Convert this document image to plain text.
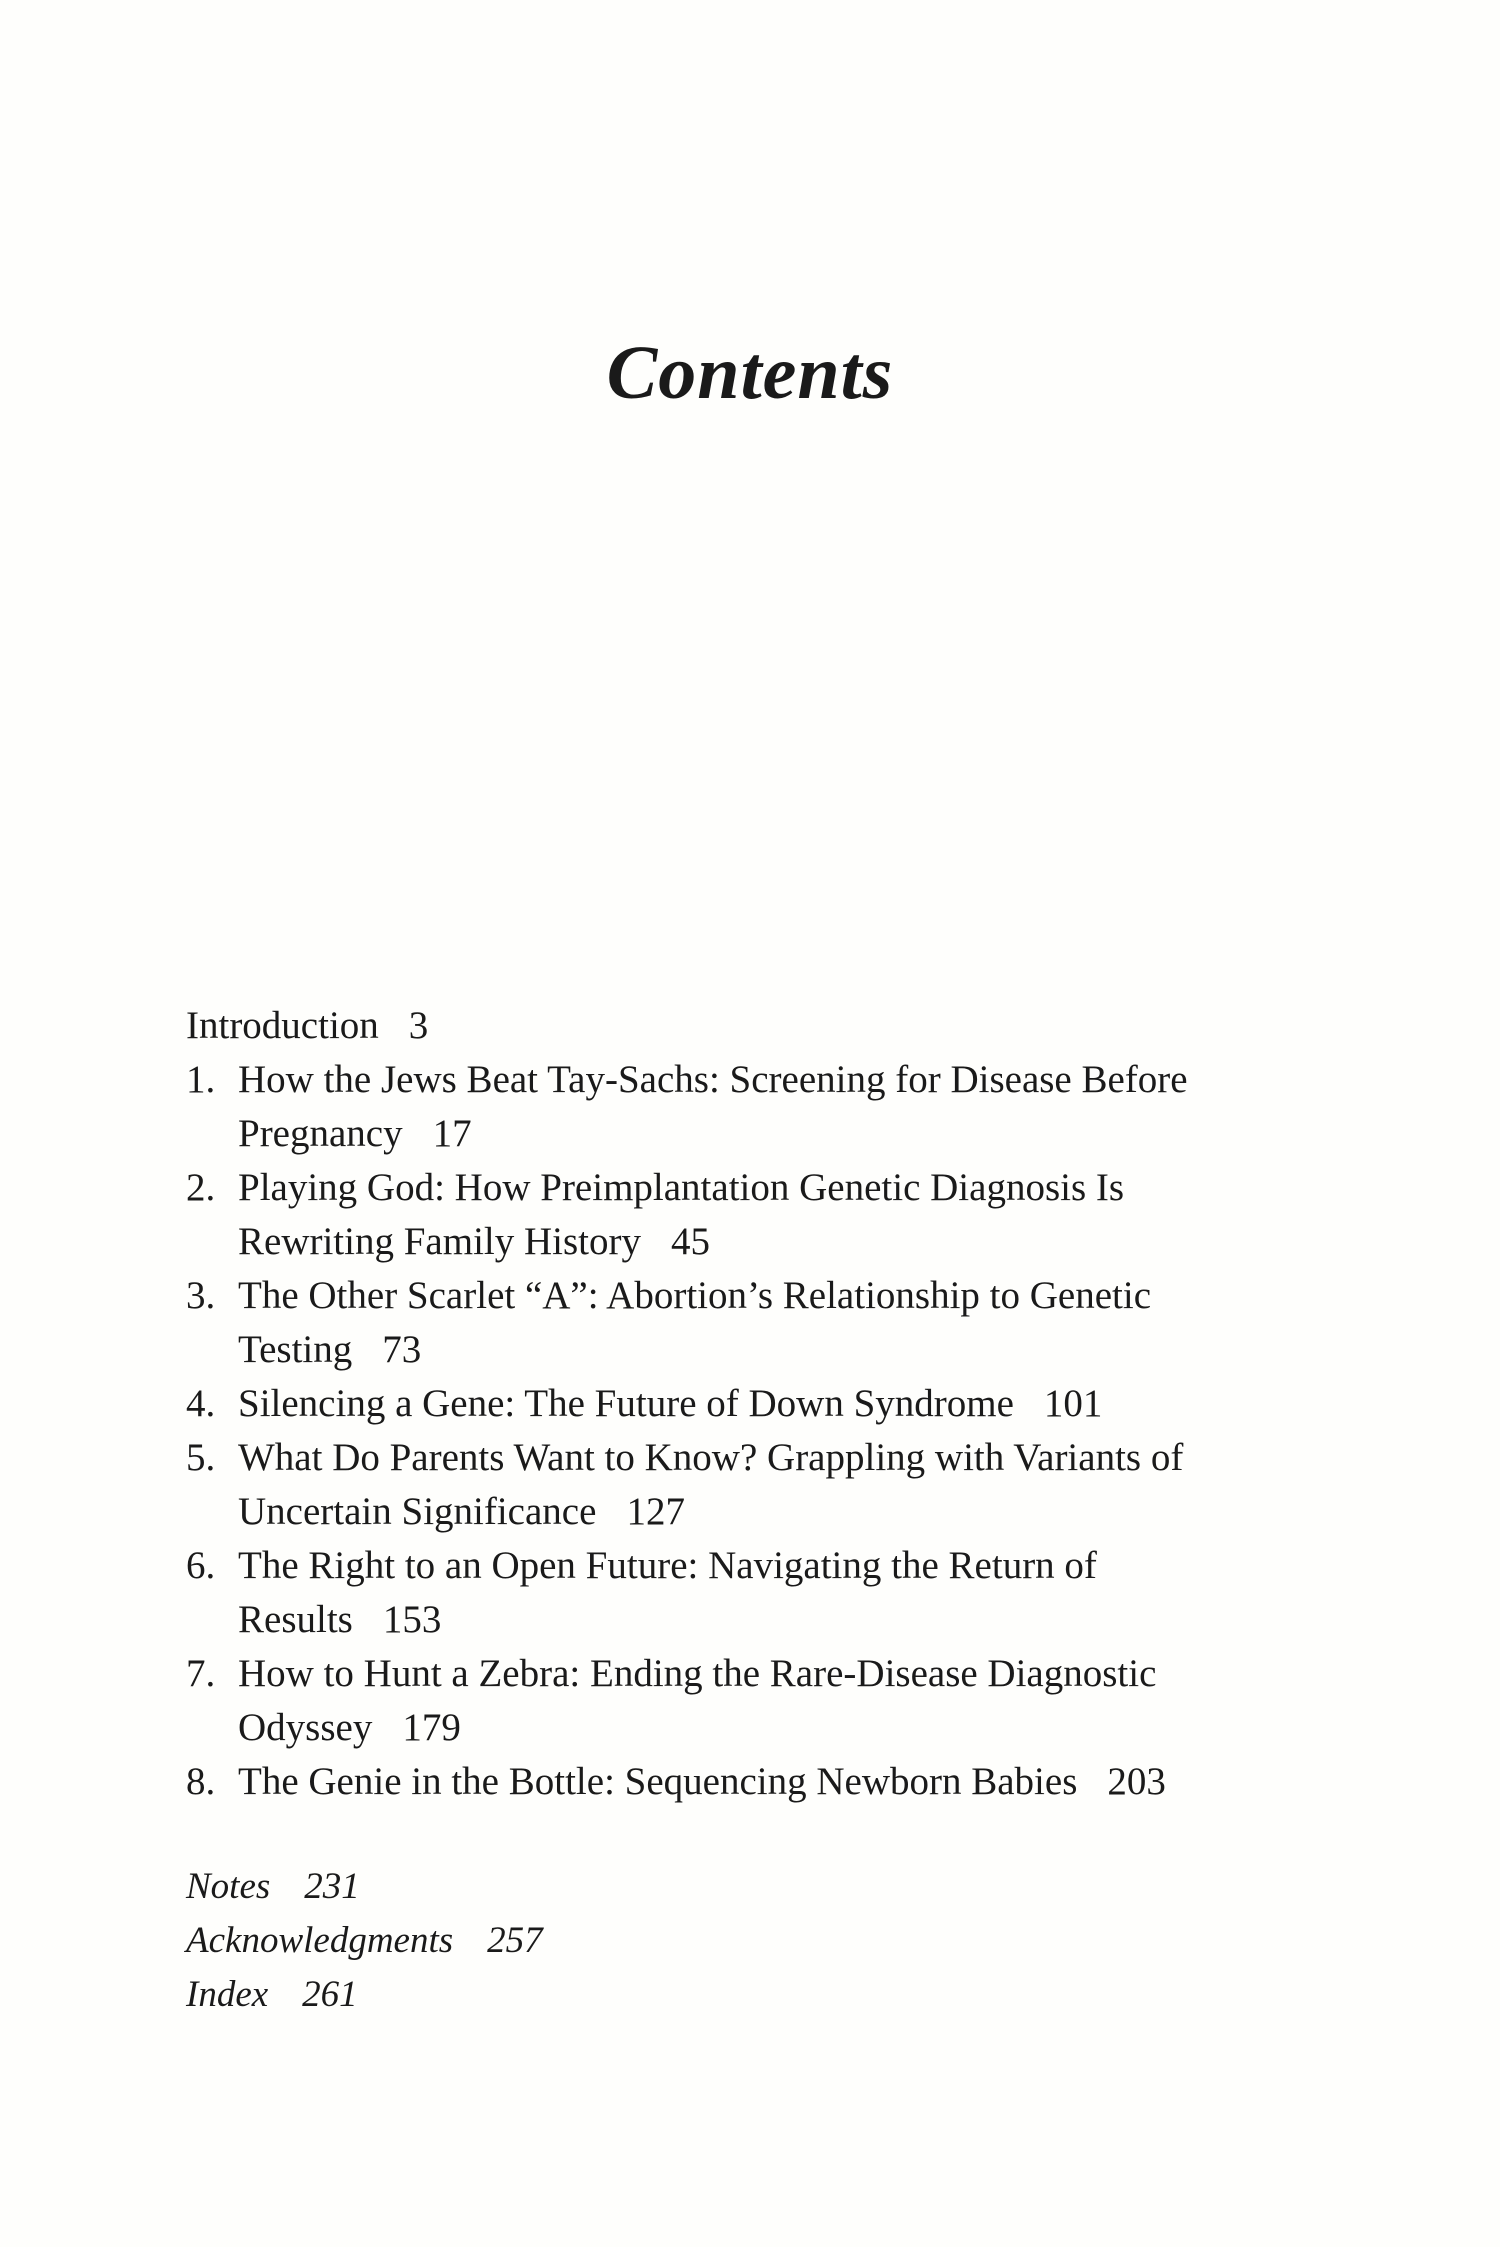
Contents
Introduction 3
1. How the Jews Beat Tay-Sachs: Screening for Disease Before
Pregnancy 17
2. Playing God: How Preimplantation Genetic Diagnosis Is
Rewriting Family History 45
3. The Other Scarlet “A”: Abortion’s Relationship to Genetic
Testing 73
4. Silencing a Gene: The Future of Down Syndrome 101
5. What Do Parents Want to Know? Grappling with Variants of
Uncertain Significance 127
6. The Right to an Open Future: Navigating the Return of
Results 153
7. How to Hunt a Zebra: Ending the Rare-Disease Diagnostic
Odyssey 179
8. The Genie in the Bottle: Sequencing Newborn Babies 203
Notes 231
Acknowledgments 257
Index 261
